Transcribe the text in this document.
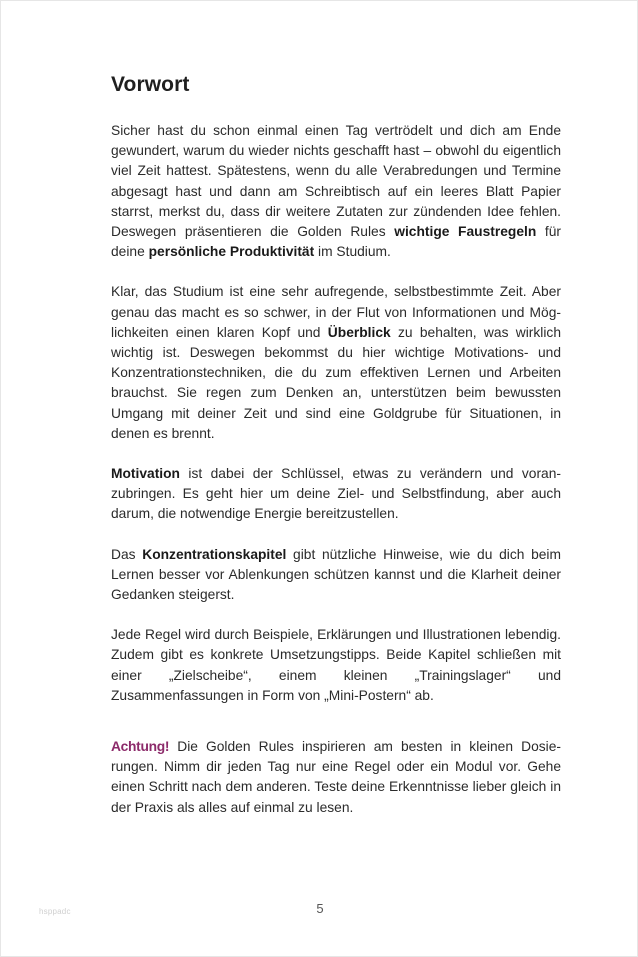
Vorwort

Sicher hast du schon einmal einen Tag vertrödelt und dich am Ende gewundert, warum du wieder nichts geschafft hast – obwohl du eigentlich viel Zeit hattest. Spätestens, wenn du alle Verabredungen und Termine abgesagt hast und dann am Schreibtisch auf ein leeres Blatt Papier starrst, merkst du, dass dir weitere Zutaten zur zündenden Idee fehlen. Deswegen präsentieren die Golden Rules wichtige Faustregeln für deine persönliche Produktivität im Studium.

Klar, das Studium ist eine sehr aufregende, selbstbestimmte Zeit. Aber genau das macht es so schwer, in der Flut von Informationen und Möglichkeiten einen klaren Kopf und Überblick zu behalten, was wirklich wichtig ist. Deswegen bekommst du hier wichtige Motivations- und Konzentrationstechniken, die du zum effektiven Lernen und Arbeiten brauchst. Sie regen zum Denken an, unterstützen beim bewussten Umgang mit deiner Zeit und sind eine Goldgrube für Situationen, in denen es brennt.

Motivation ist dabei der Schlüssel, etwas zu verändern und voranzubringen. Es geht hier um deine Ziel- und Selbstfindung, aber auch darum, die notwendige Energie bereitzustellen.

Das Konzentrationskapitel gibt nützliche Hinweise, wie du dich beim Lernen besser vor Ablenkungen schützen kannst und die Klarheit deiner Gedanken steigerst.

Jede Regel wird durch Beispiele, Erklärungen und Illustrationen lebendig. Zudem gibt es konkrete Umsetzungstipps. Beide Kapitel schließen mit einer „Zielscheibe“, einem kleinen „Trainingslager“ und Zusammenfassungen in Form von „Mini-Postern“ ab.

Achtung! Die Golden Rules inspirieren am besten in kleinen Dosierungen. Nimm dir jeden Tag nur eine Regel oder ein Modul vor. Gehe einen Schritt nach dem anderen. Teste deine Erkenntnisse lieber gleich in der Praxis als alles auf einmal zu lesen.

hsppadc	5
